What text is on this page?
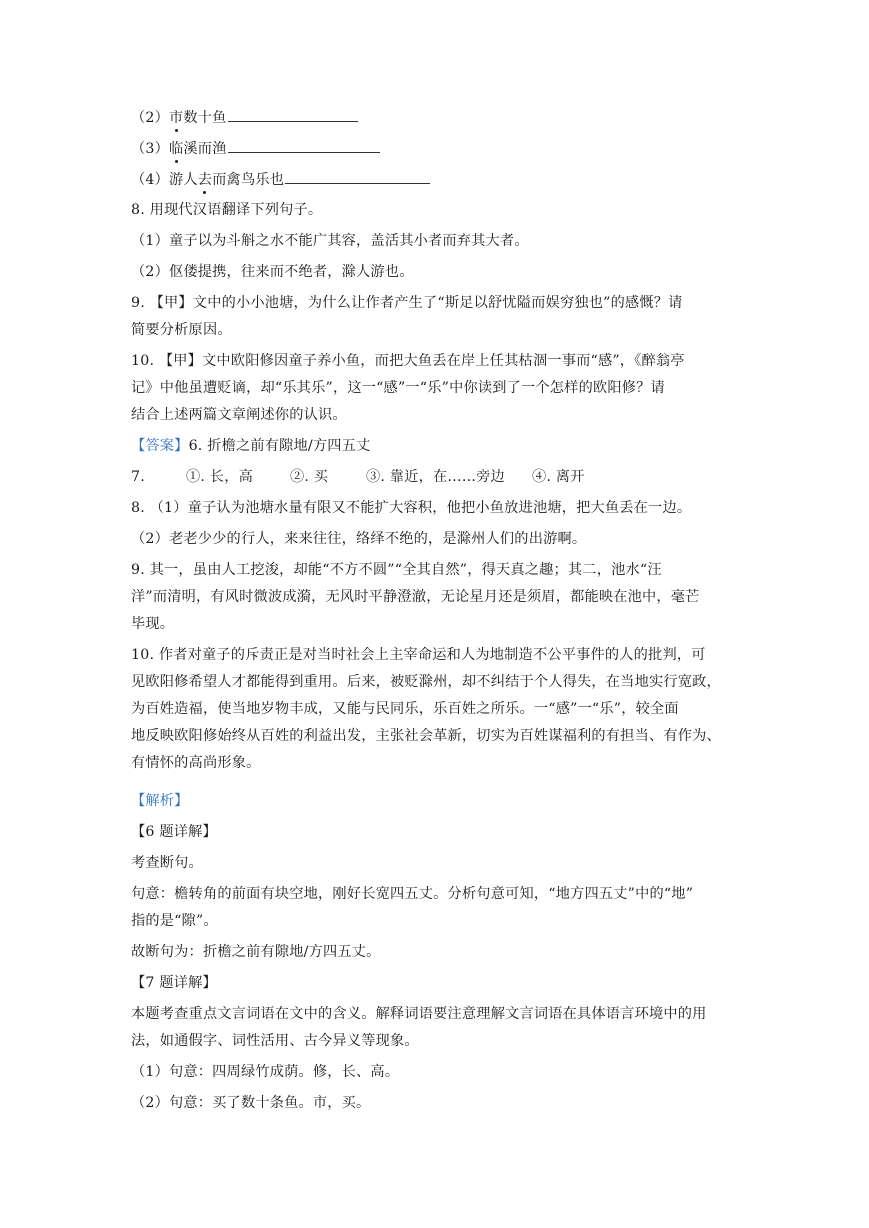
（2）市数十鱼
（3）临溪而渔
（4）游人去而禽鸟乐也
8. 用现代汉语翻译下列句子。
（1）童子以为斗斛之水不能广其容，盖活其小者而弃其大者。
（2）伛偻提携，往来而不绝者，滁人游也。
9. 【甲】文中的小小池塘，为什么让作者产生了“斯足以舒忧隘而娱穷独也”的感慨？请
简要分析原因。
10. 【甲】文中欧阳修因童子养小鱼，而把大鱼丢在岸上任其枯涸一事而“感”，《醉翁亭
记》中他虽遭贬谪，却“乐其乐”，这一“感”一“乐”中你读到了一个怎样的欧阳修？请
结合上述两篇文章阐述你的认识。
【答案】6. 折檐之前有隙地/方四五丈
7.	①. 长，高	②. 买	③. 靠近，在……旁边 ④. 离开
8. （1）童子认为池塘水量有限又不能扩大容积，他把小鱼放进池塘，把大鱼丢在一边。
（2）老老少少的行人，来来往往，络绎不绝的，是滁州人们的出游啊。
9. 其一，虽由人工挖浚，却能“不方不圆”“全其自然”，得天真之趣；其二，池水“汪
洋”而清明，有风时微波成漪，无风时平静澄澈，无论星月还是须眉，都能映在池中，毫芒
毕现。
10. 作者对童子的斥责正是对当时社会上主宰命运和人为地制造不公平事件的人的批判，可
见欧阳修希望人才都能得到重用。后来，被贬滁州，却不纠结于个人得失，在当地实行宽政，
为百姓造福，使当地岁物丰成，又能与民同乐，乐百姓之所乐。一“感”一“乐”，较全面
地反映欧阳修始终从百姓的利益出发，主张社会革新，切实为百姓谋福利的有担当、有作为、
有情怀的高尚形象。
【解析】
【6 题详解】
考查断句。
句意：檐转角的前面有块空地，刚好长宽四五丈。分析句意可知，“地方四五丈”中的“地”
指的是“隙”。
故断句为：折檐之前有隙地/方四五丈。
【7 题详解】
本题考查重点文言词语在文中的含义。解释词语要注意理解文言词语在具体语言环境中的用
法，如通假字、词性活用、古今异义等现象。
（1）句意：四周绿竹成荫。修，长、高。
（2）句意：买了数十条鱼。市，买。
